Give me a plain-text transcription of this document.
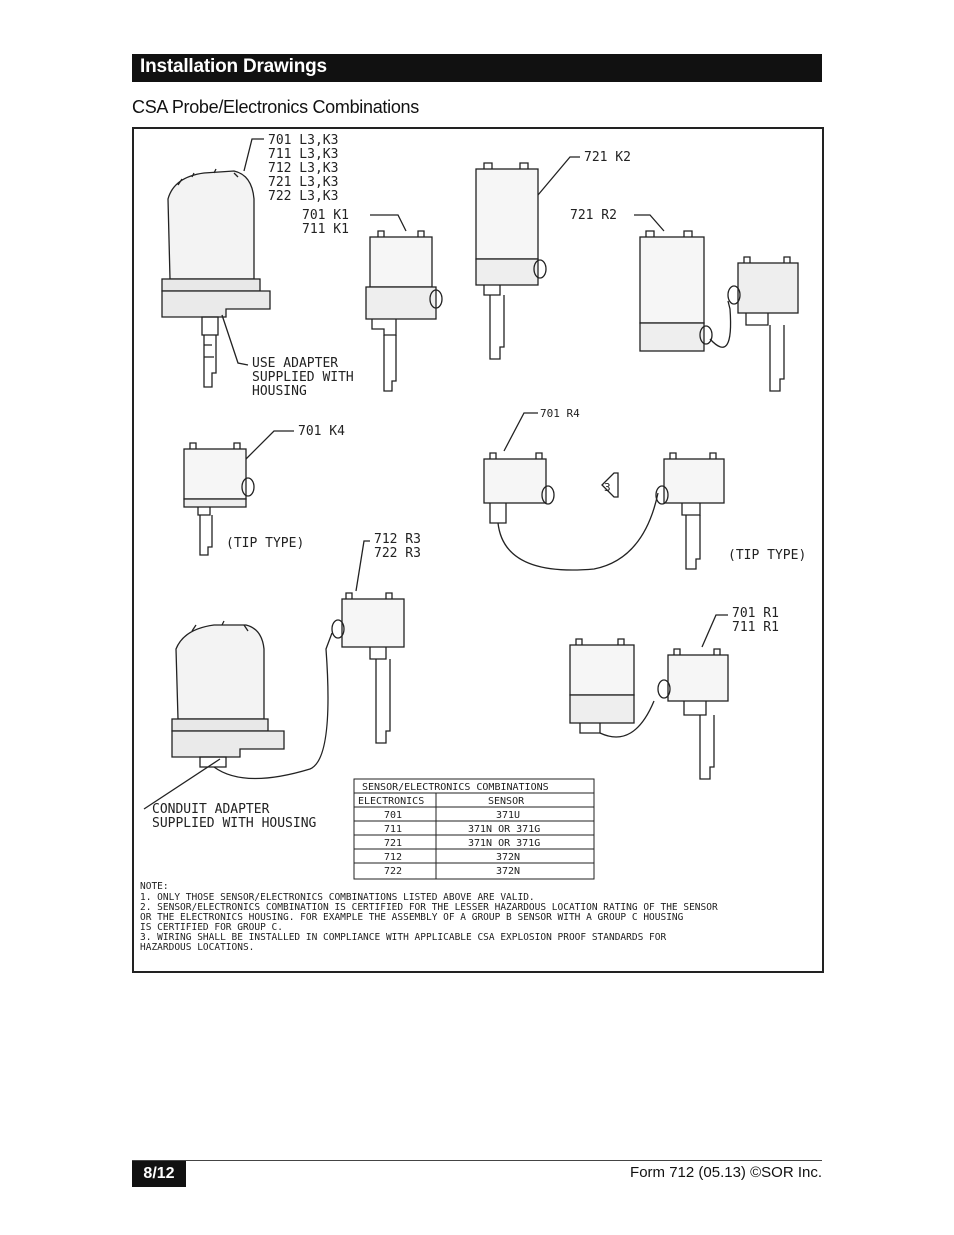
Installation Drawings
CSA Probe/Electronics Combinations
701 L3,K3
711 L3,K3
712 L3,K3
721 L3,K3
722 L3,K3
USE ADAPTER
SUPPLIED WITH
HOUSING
701 K1
711 K1
721 K2
721 R2
701 K4
(TIP TYPE)
701 R4
3
(TIP TYPE)
712 R3
722 R3
CONDUIT ADAPTER
SUPPLIED WITH HOUSING
701 R1
711 R1
SENSOR/ELECTRONICS COMBINATIONS
ELECTRONICS	SENSOR
701	371U
711	371N OR 371G
721	371N OR 371G
712	372N
722	372N
NOTE:
1. ONLY THOSE SENSOR/ELECTRONICS COMBINATIONS LISTED ABOVE ARE VALID.
2. SENSOR/ELECTRONICS COMBINATION IS CERTIFIED FOR THE LESSER HAZARDOUS LOCATION RATING OF THE SENSOR
OR THE ELECTRONICS HOUSING. FOR EXAMPLE THE ASSEMBLY OF A GROUP B SENSOR WITH A GROUP C HOUSING
IS CERTIFIED FOR GROUP C.
3. WIRING SHALL BE INSTALLED IN COMPLIANCE WITH APPLICABLE CSA EXPLOSION PROOF STANDARDS FOR
HAZARDOUS LOCATIONS.
8/12	Form 712 (05.13) ©SOR Inc.
